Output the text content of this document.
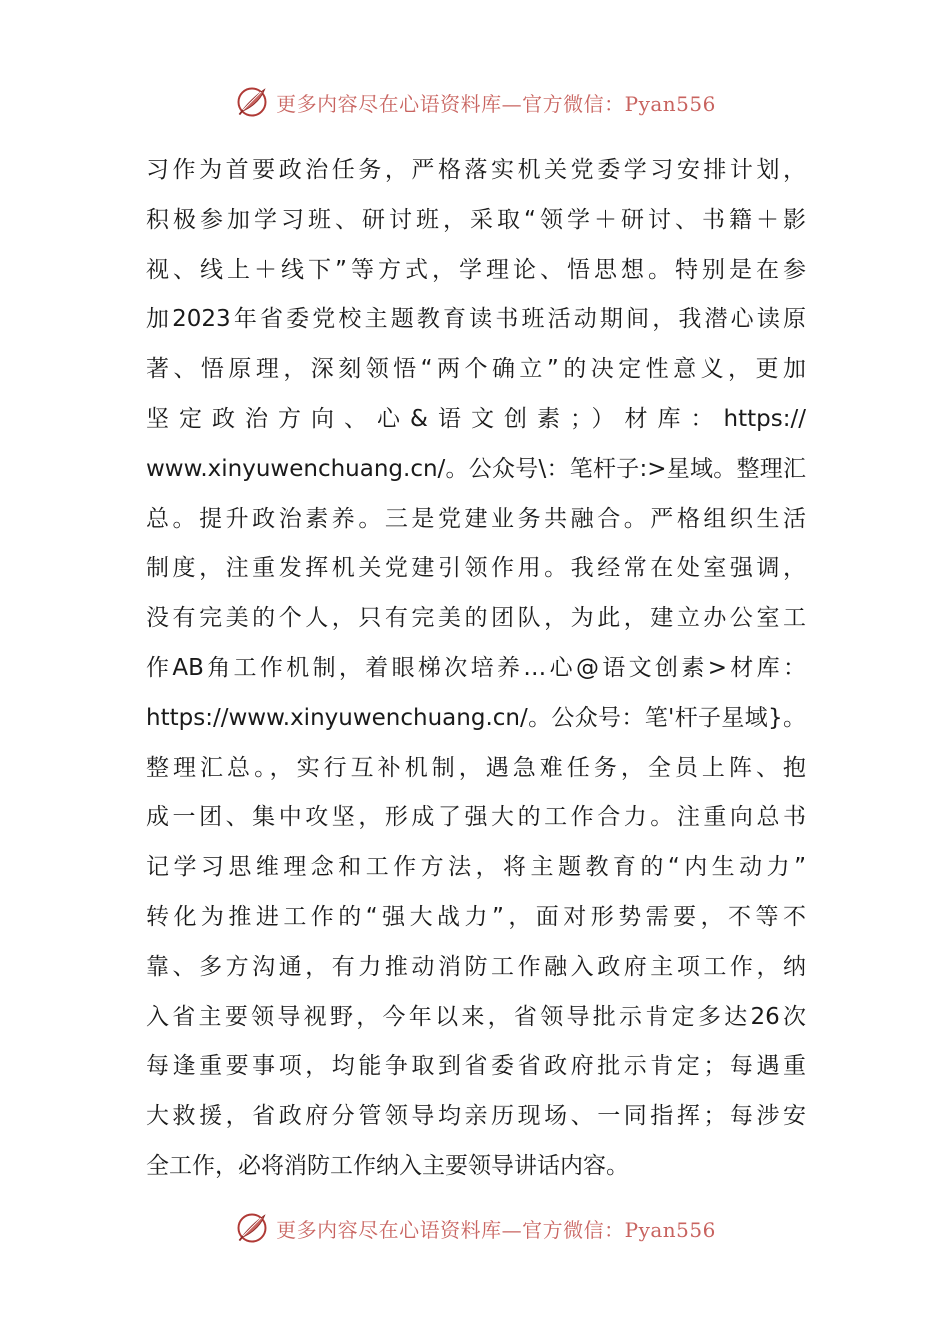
更多内容尽在心语资料库—官方微信：Pyan556
习作为首要政治任务，严格落实机关党委学习安排计划，
积极参加学习班、研讨班，采取“领学＋研讨、书籍＋影
视、线上＋线下”等方式，学理论、悟思想。特别是在参
加2023年省委党校主题教育读书班活动期间，我潜心读原
著、悟原理，深刻领悟“两个确立”的决定性意义，更加
坚定政治方向、心&语文创素；）材库：https://
www.xinyuwenchuang.cn/。公众号\：笔杆子:>星域。整理汇
总。提升政治素养。三是党建业务共融合。严格组织生活
制度，注重发挥机关党建引领作用。我经常在处室强调，
没有完美的个人，只有完美的团队，为此，建立办公室工
作AB角工作机制，着眼梯次培养…心@语文创素>材库：
https://www.xinyuwenchuang.cn/。公众号：笔'杆子星域}。
整理汇总。，实行互补机制，遇急难任务，全员上阵、抱
成一团、集中攻坚，形成了强大的工作合力。注重向总书
记学习思维理念和工作方法，将主题教育的“内生动力”
转化为推进工作的“强大战力”，面对形势需要，不等不
靠、多方沟通，有力推动消防工作融入政府主项工作，纳
入省主要领导视野，今年以来，省领导批示肯定多达26次
每逢重要事项，均能争取到省委省政府批示肯定；每遇重
大救援，省政府分管领导均亲历现场、一同指挥；每涉安
全工作，必将消防工作纳入主要领导讲话内容。
更多内容尽在心语资料库—官方微信：Pyan556
